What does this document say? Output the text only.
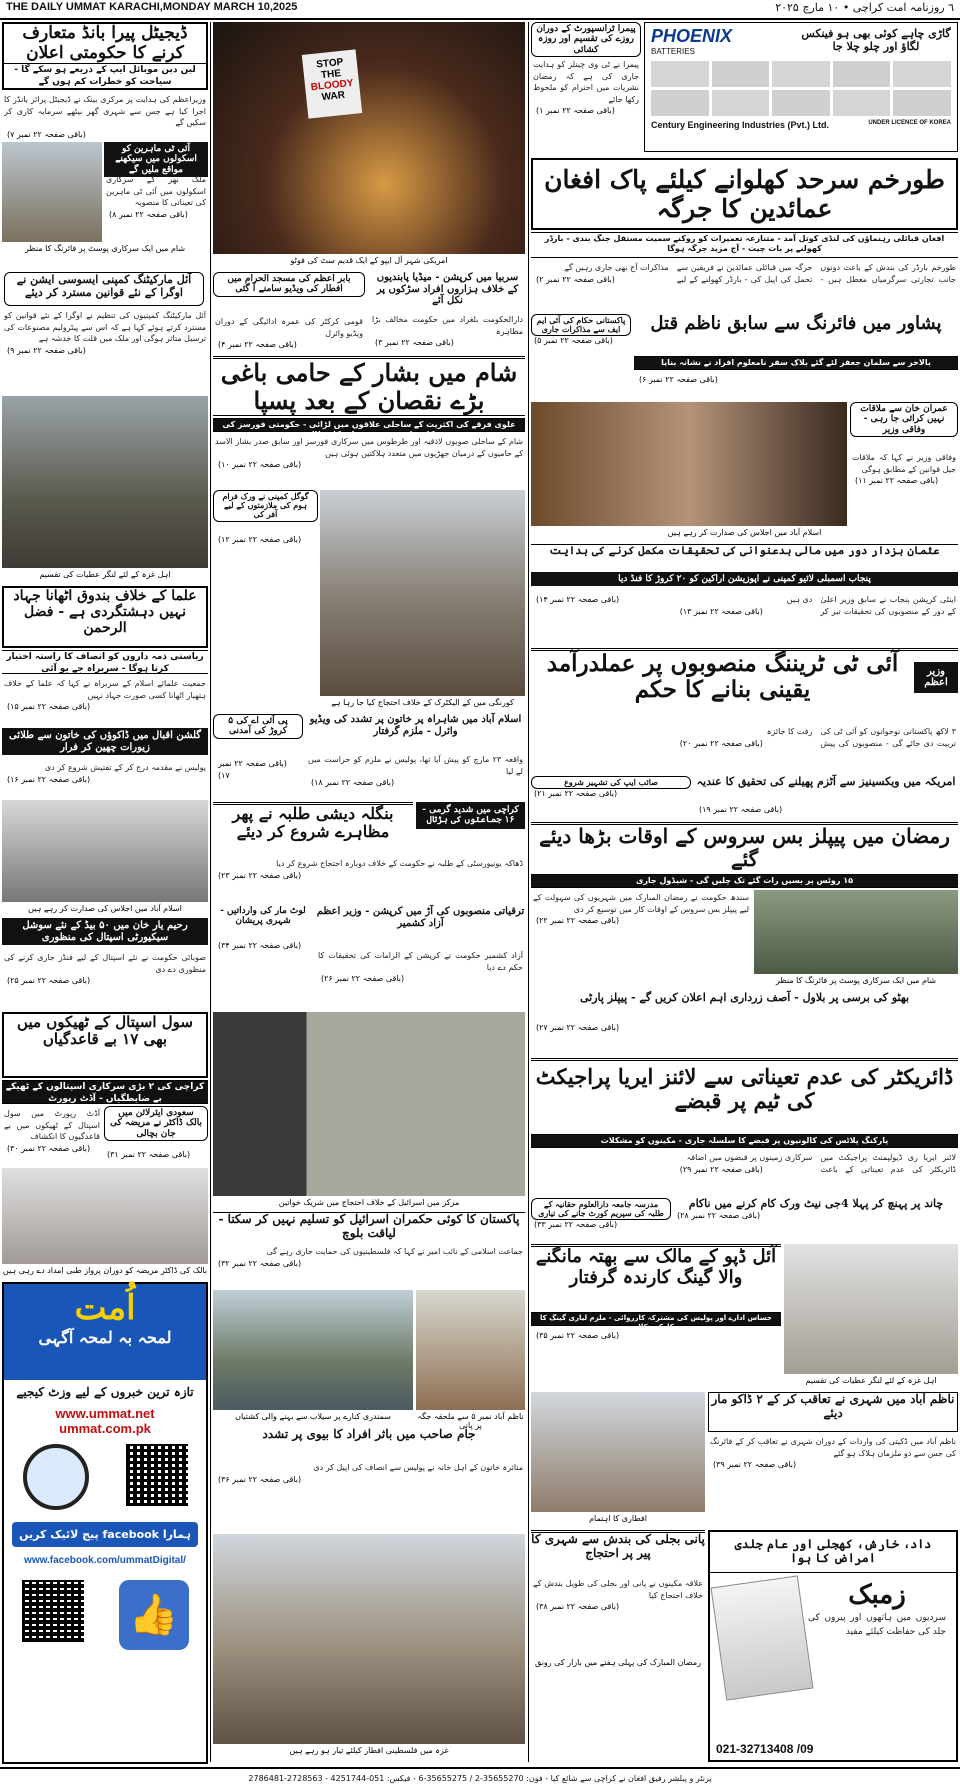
THE DAILY UMMAT KARACHI,MONDAY MARCH 10,2025	٦ روزنامہ امت کراچی • ۱۰ مارچ ۲۰۲۵
ڈیجیٹل پیرا بانڈ متعارف کرنے کا حکومتی اعلان
لین دین موبائل ایپ کے ذریعے ہو سکے گا - سیاحت کو خطرات کم ہوں گے
وزیراعظم کی ہدایت پر مرکزی بینک نے ڈیجیٹل پرائز بانڈز کا اجرا کیا ہے جس سے شہری گھر بیٹھے سرمایہ کاری کر سکیں گے
(باقی صفحہ ۲۲ نمبر ۷)
آئی ٹی ماہرین کو اسکولوں میں سیکھنے مواقع ملیں گے
ملک بھر کے سرکاری اسکولوں میں آئی ٹی ماہرین کی تعیناتی کا منصوبہ
(باقی صفحہ ۲۲ نمبر ۸)
شام میں ایک سرکاری پوسٹ پر فائرنگ کا منظر
آئل مارکیٹنگ کمپنی ایسوسی ایشن نے اوگرا کے نئے قوانین مسترد کر دیئے
آئل مارکیٹنگ کمپنیوں کی تنظیم نے اوگرا کے نئے قوانین کو مسترد کرتے ہوئے کہا ہے کہ اس سے پیٹرولیم مصنوعات کی ترسیل متاثر ہوگی اور ملک میں قلت کا خدشہ ہے
(باقی صفحہ ۲۲ نمبر ۹)
اہل غزہ کے لئے لنگر عطیات کی تقسیم
علما کے خلاف بندوق اٹھانا جہاد نہیں دہشتگردی ہے - فضل الرحمن
ریاستی ذمہ داروں کو انصاف کا راستہ اختیار کرنا ہوگا - سربراہ جے یو آئی
جمعیت علمائے اسلام کے سربراہ نے کہا کہ علما کے خلاف ہتھیار اٹھانا کسی صورت جہاد نہیں
(باقی صفحہ ۲۲ نمبر ۱۵)
گلشن اقبال میں ڈاکوؤں کی خاتون سے طلائی زیورات چھین کر فرار
پولیس نے مقدمہ درج کر کے تفتیش شروع کر دی
(باقی صفحہ ۲۲ نمبر ۱۶)
اسلام آباد میں اجلاس کی صدارت کر رہے ہیں
رحیم یار خان میں ۵۰ بیڈ کے نئے سوشل سیکیورٹی اسپتال کی منظوری
صوبائی حکومت نے نئے اسپتال کے لیے فنڈز جاری کرنے کی منظوری دے دی
(باقی صفحہ ۲۲ نمبر ۲۵)
سول اسپتال کے ٹھیکوں میں بھی ۱۷ بے قاعدگیاں
کراچی کی ۲ بڑی سرکاری اسپتالوں کے ٹھیکے بے ضابطگیاں - آڈٹ رپورٹ
آڈٹ رپورٹ میں سول اسپتال کے ٹھیکوں میں بے قاعدگیوں کا انکشاف
(باقی صفحہ ۲۲ نمبر ۳۰)
سعودی ایئرلائن میں بالک ڈاکٹر نے مریضہ کی جان بچالی
(باقی صفحہ ۲۲ نمبر ۳۱)
بالک کی ڈاکٹر مریضہ کو دوران پرواز طبی امداد دے رہی ہیں
اُمت
لمحہ بہ لمحہ آگہی
تازہ ترین خبروں کے لیے وزٹ کیجیے
www.ummat.net
ummat.com.pk
ہمارا facebook پیج لائیک کریں
www.facebook.com/ummatDigital/
👍
STOP
THE
BLOODY
WAR
امریکی شہر آل ایپو کے ایک قدیم سٹ کی فوٹو
سربیا میں کرپشن - میڈیا پابندیوں کے خلاف ہزاروں افراد سڑکوں پر نکل آئے
دارالحکومت بلغراد میں حکومت مخالف بڑا مظاہرہ
(باقی صفحہ ۲۲ نمبر ۳)
بابر اعظم کی مسجد الحرام میں افطار کی ویڈیو سامنے آ گئی
قومی کرکٹر کی عمرہ ادائیگی کے دوران ویڈیو وائرل
(باقی صفحہ ۲۲ نمبر ۴)
شام میں بشار کے حامی باغی بڑے نقصان کے بعد پسپا
علوی فرقے کی اکثریت کے ساحلی علاقوں میں لڑائی - حکومتی فورسز کی کارروائیوں پر تحقیقات کا مطالبہ
شام کے ساحلی صوبوں لاذقیہ اور طرطوس میں سرکاری فورسز اور سابق صدر بشار الاسد کے حامیوں کے درمیان جھڑپوں میں متعدد ہلاکتیں ہوئی ہیں
(باقی صفحہ ۲۲ نمبر ۱۰)
گوگل کمپنی نے ورک فرام ہوم کی ملازمتوں کے لیے آفر کی
(باقی صفحہ ۲۲ نمبر ۱۲)
کورنگی میں کے الیکٹرک کے خلاف احتجاج کیا جا رہا ہے
پی آئی اے کی ۵ کروڑ کی آمدنی
(باقی صفحہ ۲۲ نمبر ۱۷)
اسلام آباد میں شاہراہ پر خاتون پر تشدد کی ویڈیو وائرل - ملزم گرفتار
واقعہ ۲۳ مارچ کو پیش آیا تھا، پولیس نے ملزم کو حراست میں لے لیا
(باقی صفحہ ۲۲ نمبر ۱۸)
بنگلہ دیشی طلبہ نے پھر مظاہرے شروع کر دیئے
کراچی میں شدید گرمی - ۱۶ جماعتوں کی ہڑتال
ڈھاکہ یونیورسٹی کے طلبہ نے حکومت کے خلاف دوبارہ احتجاج شروع کر دیا
(باقی صفحہ ۲۲ نمبر ۲۳)
لوٹ مار کی وارداتیں - شہری پریشان
(باقی صفحہ ۲۲ نمبر ۳۴)
ترقیاتی منصوبوں کی آڑ میں کرپشن - وزیر اعظم آزاد کشمیر
آزاد کشمیر حکومت نے کرپشن کے الزامات کی تحقیقات کا حکم دے دیا
(باقی صفحہ ۲۲ نمبر ۲۶)
مرکز میں اسرائیل کے خلاف احتجاج میں شریک خواتین
پاکستان کا کوئی حکمران اسرائیل کو تسلیم نہیں کر سکتا - لیاقت بلوچ
جماعت اسلامی کے نائب امیر نے کہا کہ فلسطینیوں کی حمایت جاری رہے گی
(باقی صفحہ ۲۲ نمبر ۳۲)
سمندری کنارے پر سیلاب سے بہنے والی کشتیاں	ناظم آباد نمبر ۵ سے ملحقہ جگہ پر پانی
جام صاحب میں باثر افراد کا بیوی پر تشدد
متاثرہ خاتون کے اہل خانہ نے پولیس سے انصاف کی اپیل کر دی
(باقی صفحہ ۲۲ نمبر ۳۶)
غزہ میں فلسطینی افطار کیلئے تیار ہو رہے ہیں
پیمرا ٹرانسپورٹ کے دوران روزے کی تقسیم اور روزہ کشائی
پیمرا نے ٹی وی چینلز کو ہدایت جاری کی ہے کہ رمضان نشریات میں احترام کو ملحوظ رکھا جائے
(باقی صفحہ ۲۲ نمبر ۱)
PHOENIX
BATTERIES
گاڑی چاہے کوئی بھی ہو فینکس لگاؤ اور چلو چلا جا
Century Engineering Industries (Pvt.) Ltd.	UNDER LICENCE OF KOREA
طورخم سرحد کھلوانے کیلئے پاک افغان عمائدین کا جرگہ
افغان قبائلی رہنماؤں کی لنڈی کوتل آمد - متنازعہ تعمیرات کو روکنے سمیت مستقل جنگ بندی - بارڈر کھولنے پر بات چیت - آج مزید جرگہ ہوگا
طورخم بارڈر کی بندش کے باعث دونوں جانب تجارتی سرگرمیاں معطل ہیں - جرگہ میں قبائلی عمائدین نے فریقین سے تحمل کی اپیل کی - بارڈر کھولنے کے لیے مذاکرات آج بھی جاری رہیں گے
(باقی صفحہ ۲۲ نمبر ۲)
پاکستانی حکام کی آئی ایم ایف سے مذاکرات جاری
(باقی صفحہ ۲۲ نمبر ۵)
پشاور میں فائرنگ سے سابق ناظم قتل
بالاخر سے سلمان جعفر لئے گئے بلاک سفر نامعلوم افراد نے نشانہ بنایا
(باقی صفحہ ۲۲ نمبر ۶)
عمران خان سے ملاقات نہیں کرائی جا رہی - وفاقی وزیر
وفاقی وزیر نے کہا کہ ملاقات جیل قوانین کے مطابق ہوگی
(باقی صفحہ ۲۲ نمبر ۱۱)
اسلام آباد میں اجلاس کی صدارت کر رہے ہیں
عثمان بزدار دور میں مالی بدعنوانی کی تحقیقات مکمل کرنے کی ہدایت
پنجاب اسمبلی لائیو کمپنی نے اپوزیشن اراکین کو ۲۰ کروڑ کا فنڈ دیا
اینٹی کرپشن پنجاب نے سابق وزیر اعلیٰ کے دور کے منصوبوں کی تحقیقات تیز کر دی ہیں
(باقی صفحہ ۲۲ نمبر ۱۳)
(باقی صفحہ ۲۲ نمبر ۱۴)
آئی ٹی ٹریننگ منصوبوں پر عملدرآمد یقینی بنانے کا حکم
وزیر اعظم
۳ لاکھ پاکستانی نوجوانوں کو آئی ٹی کی تربیت دی جائے گی - منصوبوں کی پیش رفت کا جائزہ
(باقی صفحہ ۲۲ نمبر ۲۰)
صائب ایپ کی تشہیر شروع
(باقی صفحہ ۲۲ نمبر ۲۱)
امریکہ میں ویکسینیز سے آٹزم پھیلنے کی تحقیق کا عندیہ
(باقی صفحہ ۲۲ نمبر ۱۹)
رمضان میں پیپلز بس سروس کے اوقات بڑھا دیئے گئے
۱۵ روٹس پر بسیں رات گئے تک چلیں گی - شیڈول جاری
سندھ حکومت نے رمضان المبارک میں شہریوں کی سہولت کے لیے پیپلز بس سروس کے اوقات کار میں توسیع کر دی
(باقی صفحہ ۲۲ نمبر ۲۲)
شام میں ایک سرکاری پوسٹ پر فائرنگ کا منظر
بھٹو کی برسی پر بلاول - آصف زرداری اہم اعلان کریں گے - پیپلز پارٹی
(باقی صفحہ ۲۲ نمبر ۲۷)
ڈائریکٹر کی عدم تعیناتی سے لائنز ایریا پراجیکٹ کی ٹیم پر قبضے
پارکنگ پلاٹس کی کالونیوں پر قبضے کا سلسلہ جاری - مکینوں کو مشکلات
لائنز ایریا ری ڈیولپمنٹ پراجیکٹ میں ڈائریکٹر کی عدم تعیناتی کے باعث سرکاری زمینوں پر قبضوں میں اضافہ
(باقی صفحہ ۲۲ نمبر ۲۹)
مدرسہ جامعہ دارالعلوم حقانیہ کے طلبہ کی سپریم کورٹ جانے کی تیاری
(باقی صفحہ ۲۲ نمبر ۳۳)
چاند پر پہنچ کر پہلا 4جی نیٹ ورک کام کرنے میں ناکام
(باقی صفحہ ۲۲ نمبر ۲۸)
آئل ڈپو کے مالک سے بھتہ مانگنے والا گینگ کارندہ گرفتار
حساس ادارے اور پولیس کی مشترکہ کارروائی - ملزم لیاری گینگ کا کارکن نکلا
(باقی صفحہ ۲۲ نمبر ۳۵)
اہل غزہ کے لئے لنگر عطیات کی تقسیم
افطاری کا اہتمام
ناظم آباد میں شہری نے تعاقب کر کے ۲ ڈاکو مار دیئے
ناظم آباد میں ڈکیتی کی واردات کے دوران شہری نے تعاقب کر کے فائرنگ کی جس سے دو ملزمان ہلاک ہو گئے
(باقی صفحہ ۲۲ نمبر ۳۹)
پانی بجلی کی بندش سے شہری کا پیر پر احتجاج
علاقہ مکینوں نے پانی اور بجلی کی طویل بندش کے خلاف احتجاج کیا
(باقی صفحہ ۲۲ نمبر ۳۸)
رمضان المبارک کی پہلی ہفتے میں بازار کی رونق
داد، خارش، کھجلی اور عام جلدی امراض کا ہوا
زمبک
سردیوں میں ہاتھوں اور پیروں کی جلد کی حفاظت کیلئے مفید
021-32713408 /09
پرنٹر و پبلشر رفیق افغان نے کراچی سے شائع کیا - فون: 35655270-2 / 35655275-6 - فیکس: 051-4251744 - 2728563-2786481
